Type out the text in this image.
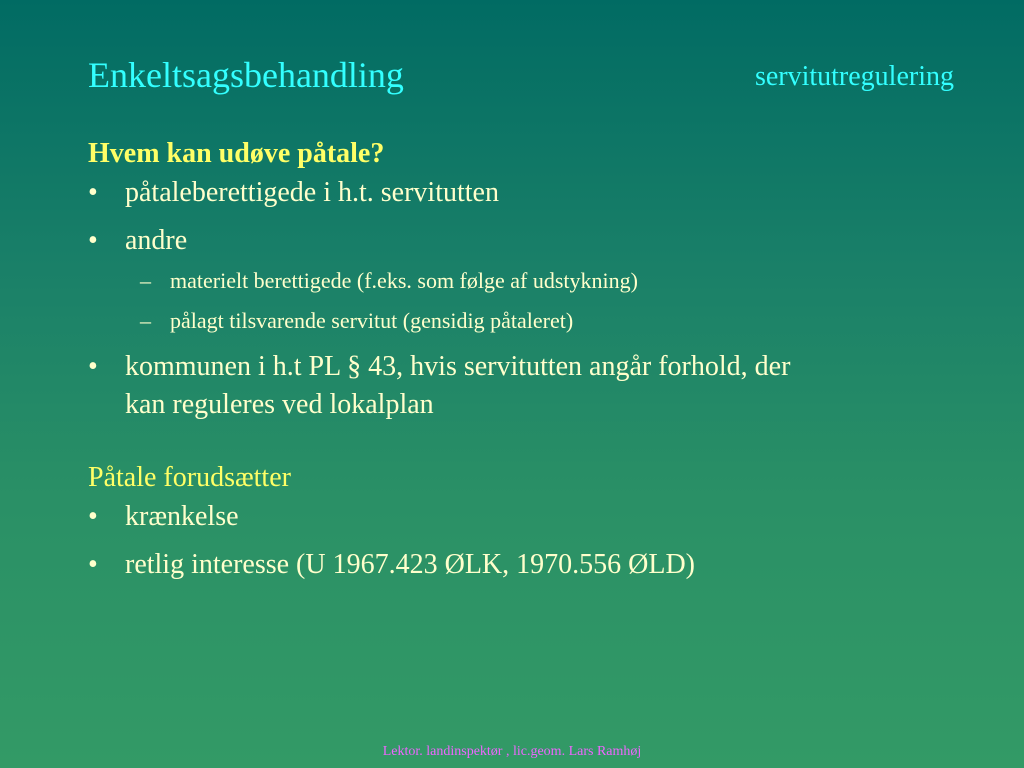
Enkeltsagsbehandling	servitutregulering
Hvem kan udøve påtale?
• påtaleberettigede i h.t. servitutten
• andre
– materielt berettigede (f.eks. som følge af udstykning)
– pålagt tilsvarende servitut (gensidig påtaleret)
• kommunen i h.t PL § 43, hvis servitutten angår forhold, der
kan reguleres ved lokalplan
Påtale forudsætter
• krænkelse
• retlig interesse (U 1967.423 ØLK, 1970.556 ØLD)
Lektor. landinspektør , lic.geom. Lars Ramhøj
